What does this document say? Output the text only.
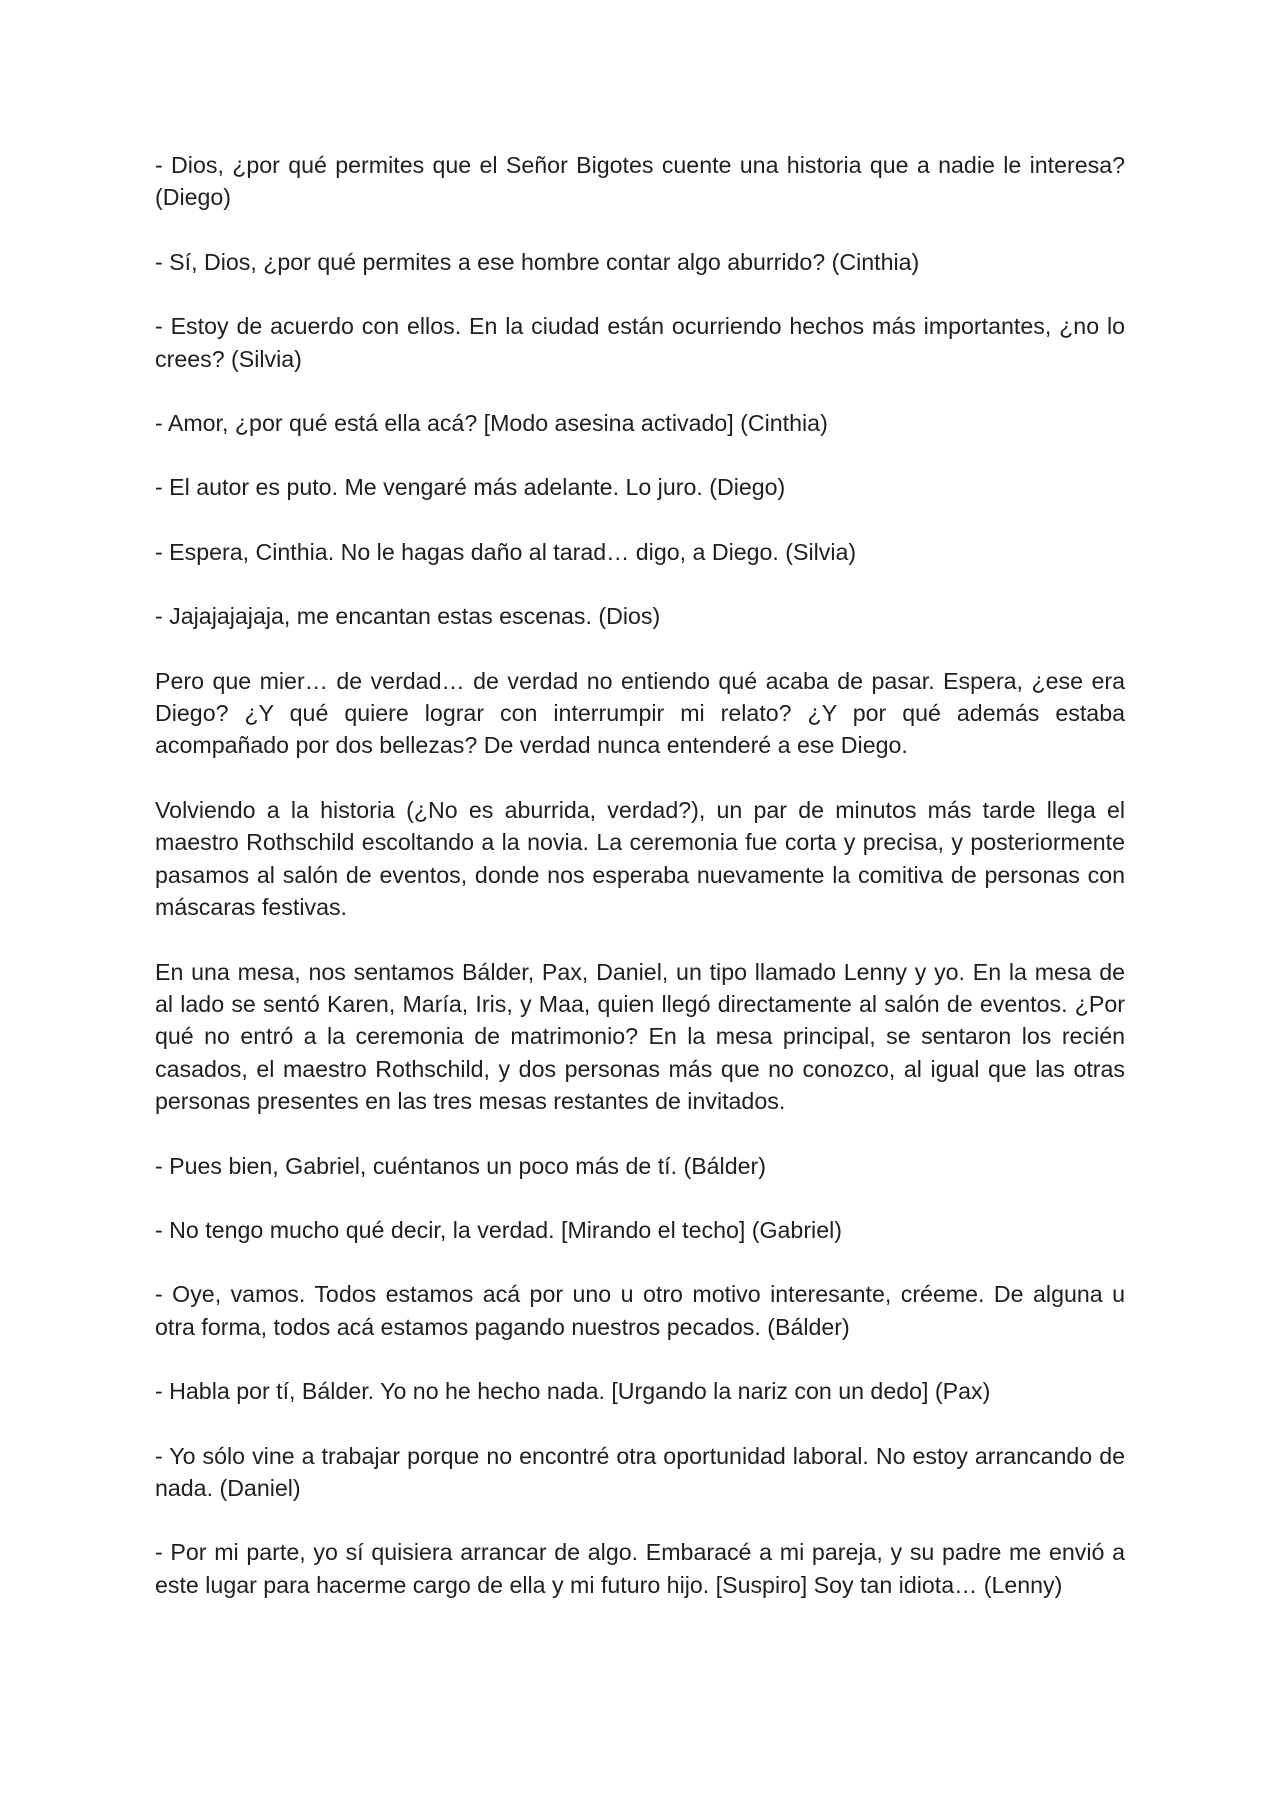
- Dios, ¿por qué permites que el Señor Bigotes cuente una historia que a nadie le interesa? (Diego)

- Sí, Dios, ¿por qué permites a ese hombre contar algo aburrido? (Cinthia)

- Estoy de acuerdo con ellos. En la ciudad están ocurriendo hechos más importantes, ¿no lo crees? (Silvia)

- Amor, ¿por qué está ella acá? [Modo asesina activado] (Cinthia)

- El autor es puto. Me vengaré más adelante. Lo juro. (Diego)

- Espera, Cinthia. No le hagas daño al tarad… digo, a Diego. (Silvia)

- Jajajajajaja, me encantan estas escenas. (Dios)

Pero que mier… de verdad… de verdad no entiendo qué acaba de pasar. Espera, ¿ese era Diego? ¿Y qué quiere lograr con interrumpir mi relato? ¿Y por qué además estaba acompañado por dos bellezas? De verdad nunca entenderé a ese Diego.

Volviendo a la historia (¿No es aburrida, verdad?), un par de minutos más tarde llega el maestro Rothschild escoltando a la novia. La ceremonia fue corta y precisa, y posteriormente pasamos al salón de eventos, donde nos esperaba nuevamente la comitiva de personas con máscaras festivas.

En una mesa, nos sentamos Bálder, Pax, Daniel, un tipo llamado Lenny y yo. En la mesa de al lado se sentó Karen, María, Iris, y Maa, quien llegó directamente al salón de eventos. ¿Por qué no entró a la ceremonia de matrimonio? En la mesa principal, se sentaron los recién casados, el maestro Rothschild, y dos personas más que no conozco, al igual que las otras personas presentes en las tres mesas restantes de invitados.

- Pues bien, Gabriel, cuéntanos un poco más de tí. (Bálder)

- No tengo mucho qué decir, la verdad. [Mirando el techo] (Gabriel)

- Oye, vamos. Todos estamos acá por uno u otro motivo interesante, créeme. De alguna u otra forma, todos acá estamos pagando nuestros pecados. (Bálder)

- Habla por tí, Bálder. Yo no he hecho nada. [Urgando la nariz con un dedo] (Pax)

- Yo sólo vine a trabajar porque no encontré otra oportunidad laboral. No estoy arrancando de nada. (Daniel)

- Por mi parte, yo sí quisiera arrancar de algo. Embaracé a mi pareja, y su padre me envió a este lugar para hacerme cargo de ella y mi futuro hijo. [Suspiro] Soy tan idiota… (Lenny)
